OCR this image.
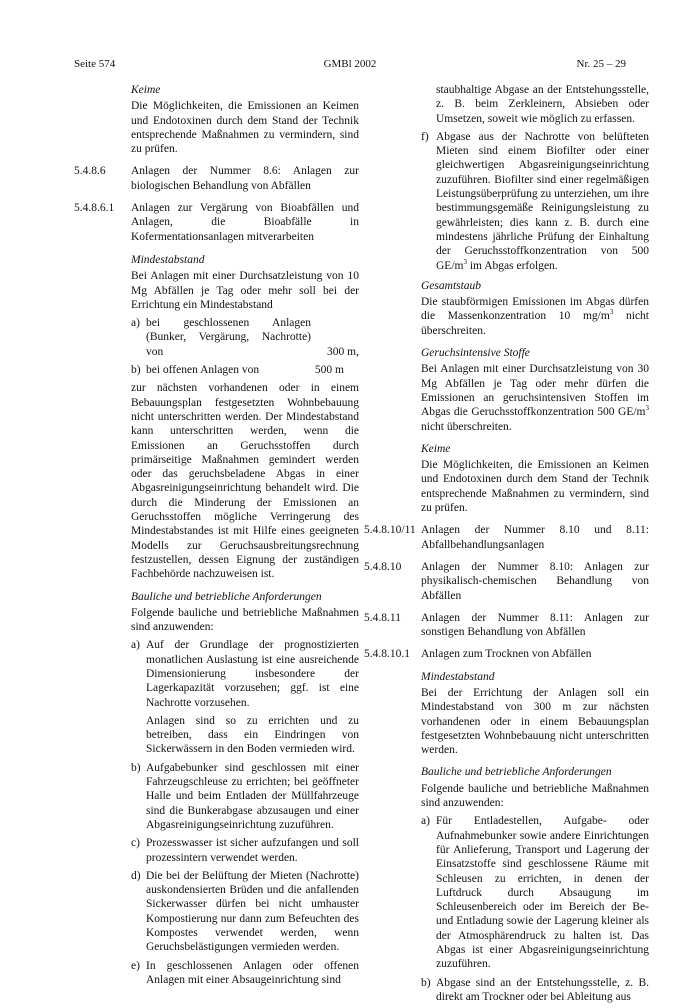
Seite 574	GMBl 2002	Nr. 25 – 29

Keime

Die Möglichkeiten, die Emissionen an Keimen und Endotoxinen durch dem Stand der Technik entsprechende Maßnahmen zu vermindern, sind zu prüfen.

5.4.8.6 Anlagen der Nummer 8.6: Anlagen zur biologischen Behandlung von Abfällen

5.4.8.6.1 Anlagen zur Vergärung von Bioabfällen und Anlagen, die Bioabfälle in Kofermentationsanlagen mitverarbeiten

Mindestabstand

Bei Anlagen mit einer Durchsatzleistung von 10 Mg Abfällen je Tag oder mehr soll bei der Errichtung ein Mindestabstand

a) bei geschlossenen Anlagen (Bunker, Vergärung, Nachrotte) von	300 m,
b) bei offenen Anlagen von	500 m

zur nächsten vorhandenen oder in einem Bebauungsplan festgesetzten Wohnbebauung nicht unterschritten werden. Der Mindestabstand kann unterschritten werden, wenn die Emissionen an Geruchsstoffen durch primärseitige Maßnahmen gemindert werden oder das geruchsbeladene Abgas in einer Abgasreinigungseinrichtung behandelt wird. Die durch die Minderung der Emissionen an Geruchsstoffen mögliche Verringerung des Mindestabstandes ist mit Hilfe eines geeigneten Modells zur Geruchsausbreitungsrechnung festzustellen, dessen Eignung der zuständigen Fachbehörde nachzuweisen ist.

Bauliche und betriebliche Anforderungen

Folgende bauliche und betriebliche Maßnahmen sind anzuwenden:

a) Auf der Grundlage der prognostizierten monatlichen Auslastung ist eine ausreichende Dimensionierung insbesondere der Lagerkapazität vorzusehen; ggf. ist eine Nachrotte vorzusehen.

Anlagen sind so zu errichten und zu betreiben, dass ein Eindringen von Sickerwässern in den Boden vermieden wird.

b) Aufgabebunker sind geschlossen mit einer Fahrzeugschleuse zu errichten; bei geöffneter Halle und beim Entladen der Müllfahrzeuge sind die Bunkerabgase abzusaugen und einer Abgasreinigungseinrichtung zuzuführen.

c) Prozesswasser ist sicher aufzufangen und soll prozessintern verwendet werden.

d) Die bei der Belüftung der Mieten (Nachrotte) auskondensierten Brüden und die anfallenden Sickerwasser dürfen bei nicht umhauster Kompostierung nur dann zum Befeuchten des Kompostes verwendet werden, wenn Geruchsbelästigungen vermieden werden.

e) In geschlossenen Anlagen oder offenen Anlagen mit einer Absaugeinrichtung sind

staubhaltige Abgase an der Entstehungsstelle, z. B. beim Zerkleinern, Absieben oder Umsetzen, soweit wie möglich zu erfassen.

f) Abgase aus der Nachrotte von belüfteten Mieten sind einem Biofilter oder einer gleichwertigen Abgasreinigungseinrichtung zuzuführen. Biofilter sind einer regelmäßigen Leistungsüberprüfung zu unterziehen, um ihre bestimmungsgemäße Reinigungsleistung zu gewährleisten; dies kann z. B. durch eine mindestens jährliche Prüfung der Einhaltung der Geruchsstoffkonzentration von 500 $GE/m^3$ im Abgas erfolgen.

Gesamtstaub

Die staubförmigen Emissionen im Abgas dürfen die Massenkonzentration 10 $mg/m^3$ nicht überschreiten.

Geruchsintensive Stoffe

Bei Anlagen mit einer Durchsatzleistung von 30 Mg Abfällen je Tag oder mehr dürfen die Emissionen an geruchsintensiven Stoffen im Abgas die Geruchsstoffkonzentration 500 $GE/m^3$ nicht überschreiten.

Keime

Die Möglichkeiten, die Emissionen an Keimen und Endotoxinen durch dem Stand der Technik entsprechende Maßnahmen zu vermindern, sind zu prüfen.

5.4.8.10/11 Anlagen der Nummer 8.10 und 8.11: Abfallbehandlungsanlagen

5.4.8.10 Anlagen der Nummer 8.10: Anlagen zur physikalisch-chemischen Behandlung von Abfällen

5.4.8.11 Anlagen der Nummer 8.11: Anlagen zur sonstigen Behandlung von Abfällen

5.4.8.10.1 Anlagen zum Trocknen von Abfällen

Mindestabstand

Bei der Errichtung der Anlagen soll ein Mindestabstand von 300 m zur nächsten vorhandenen oder in einem Bebauungsplan festgesetzten Wohnbebauung nicht unterschritten werden.

Bauliche und betriebliche Anforderungen

Folgende bauliche und betriebliche Maßnahmen sind anzuwenden:

a) Für Entladestellen, Aufgabe- oder Aufnahmebunker sowie andere Einrichtungen für Anlieferung, Transport und Lagerung der Einsatzstoffe sind geschlossene Räume mit Schleusen zu errichten, in denen der Luftdruck durch Absaugung im Schleusenbereich oder im Bereich der Be- und Entladung sowie der Lagerung kleiner als der Atmosphärendruck zu halten ist. Das Abgas ist einer Abgasreinigungseinrichtung zuzuführen.

b) Abgase sind an der Entstehungsstelle, z. B. direkt am Trockner oder bei Ableitung aus
